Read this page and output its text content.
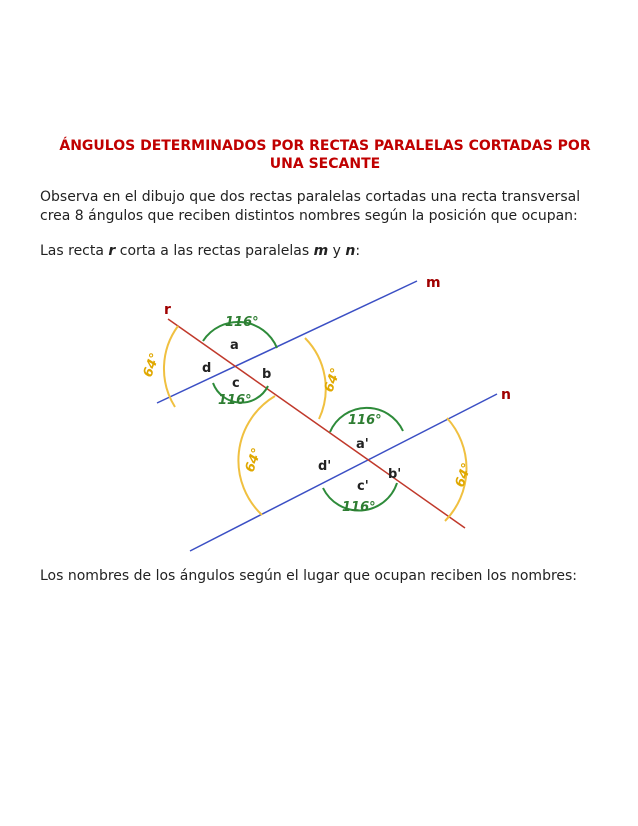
ÁNGULOS DETERMINADOS POR RECTAS PARALELAS CORTADAS POR UNA SECANTE
Observa en el dibujo que dos rectas paralelas cortadas una recta transversal crea 8 ángulos que reciben distintos nombres según la posición que ocupan:
Las recta r corta a las rectas paralelas m y n:
r
m
n
a
b
c
d
a'
b'
c'
d'
116°
116°
116°
116°
64°
64°
64°
64°
Los nombres de los ángulos según el lugar que ocupan reciben los nombres:
